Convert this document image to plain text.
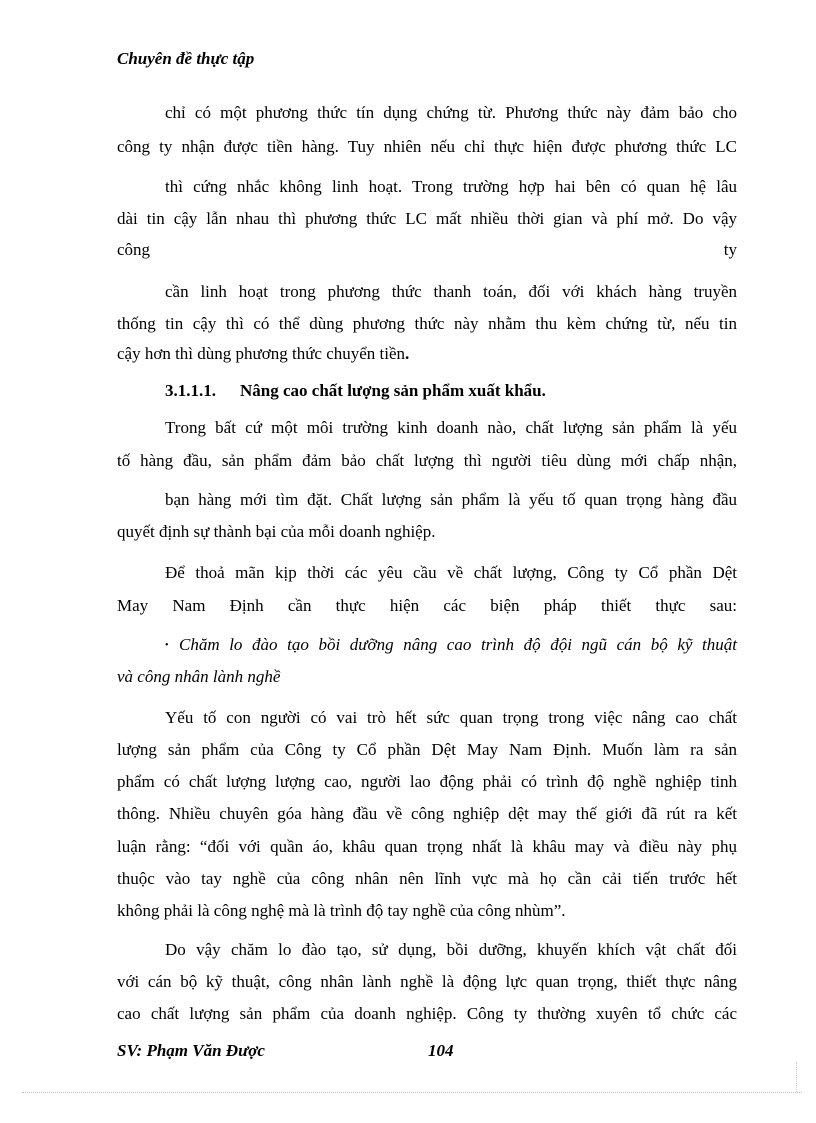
Chuyên đề thực tập
chỉ có một phương thức tín dụng chứng từ. Phương thức này đảm bảo cho
công ty nhận được tiền hàng. Tuy nhiên nếu chỉ thực hiện được phương thức LC
thì cứng nhắc không linh hoạt. Trong trường hợp hai bên có quan hệ lâu
dài tin cậy lẫn nhau thì phương thức LC mất nhiều thời gian và phí mở. Do vậy
công	ty
cần linh hoạt trong phương thức thanh toán, đối với khách hàng truyền
thống tin cậy thì có thể dùng phương thức này nhằm thu kèm chứng từ, nếu tin
cậy hơn thì dùng phương thức chuyển tiền.
3.1.1.1. Nâng cao chất lượng sản phẩm xuất khẩu.
Trong bất cứ một môi trường kinh doanh nào, chất lượng sản phẩm là yếu
tố hàng đầu, sản phẩm đảm bảo chất lượng thì người tiêu dùng mới chấp nhận,
bạn hàng mới tìm đặt. Chất lượng sản phẩm là yếu tố quan trọng hàng đầu
quyết định sự thành bại của mỗi doanh nghiệp.
Để thoả mãn kịp thời các yêu cầu về chất lượng, Công ty Cổ phần Dệt
May Nam Định cần thực hiện các biện pháp thiết thực sau:
• Chăm lo đào tạo bồi dưỡng nâng cao trình độ đội ngũ cán bộ kỹ thuật
và công nhân lành nghề
Yếu tố con người có vai trò hết sức quan trọng trong việc nâng cao chất
lượng sản phẩm của Công ty Cổ phần Dệt May Nam Định. Muốn làm ra sản
phẩm có chất lượng lượng cao, người lao động phải có trình độ nghề nghiệp tinh
thông. Nhiều chuyên góa hàng đầu về công nghiệp dệt may thế giới đã rút ra kết
luận rằng: “đối với quần áo, khâu quan trọng nhất là khâu may và điều này phụ
thuộc vào tay nghề của công nhân nên lĩnh vực mà họ cần cải tiến trước hết
không phải là công nghệ mà là trình độ tay nghề của công nhùm”.
Do vậy chăm lo đào tạo, sử dụng, bồi dưỡng, khuyến khích vật chất đối
với cán bộ kỹ thuật, công nhân lành nghề là động lực quan trọng, thiết thực nâng
cao chất lượng sản phẩm của doanh nghiệp. Công ty thường xuyên tổ chức các
SV: Phạm Văn Được	104
